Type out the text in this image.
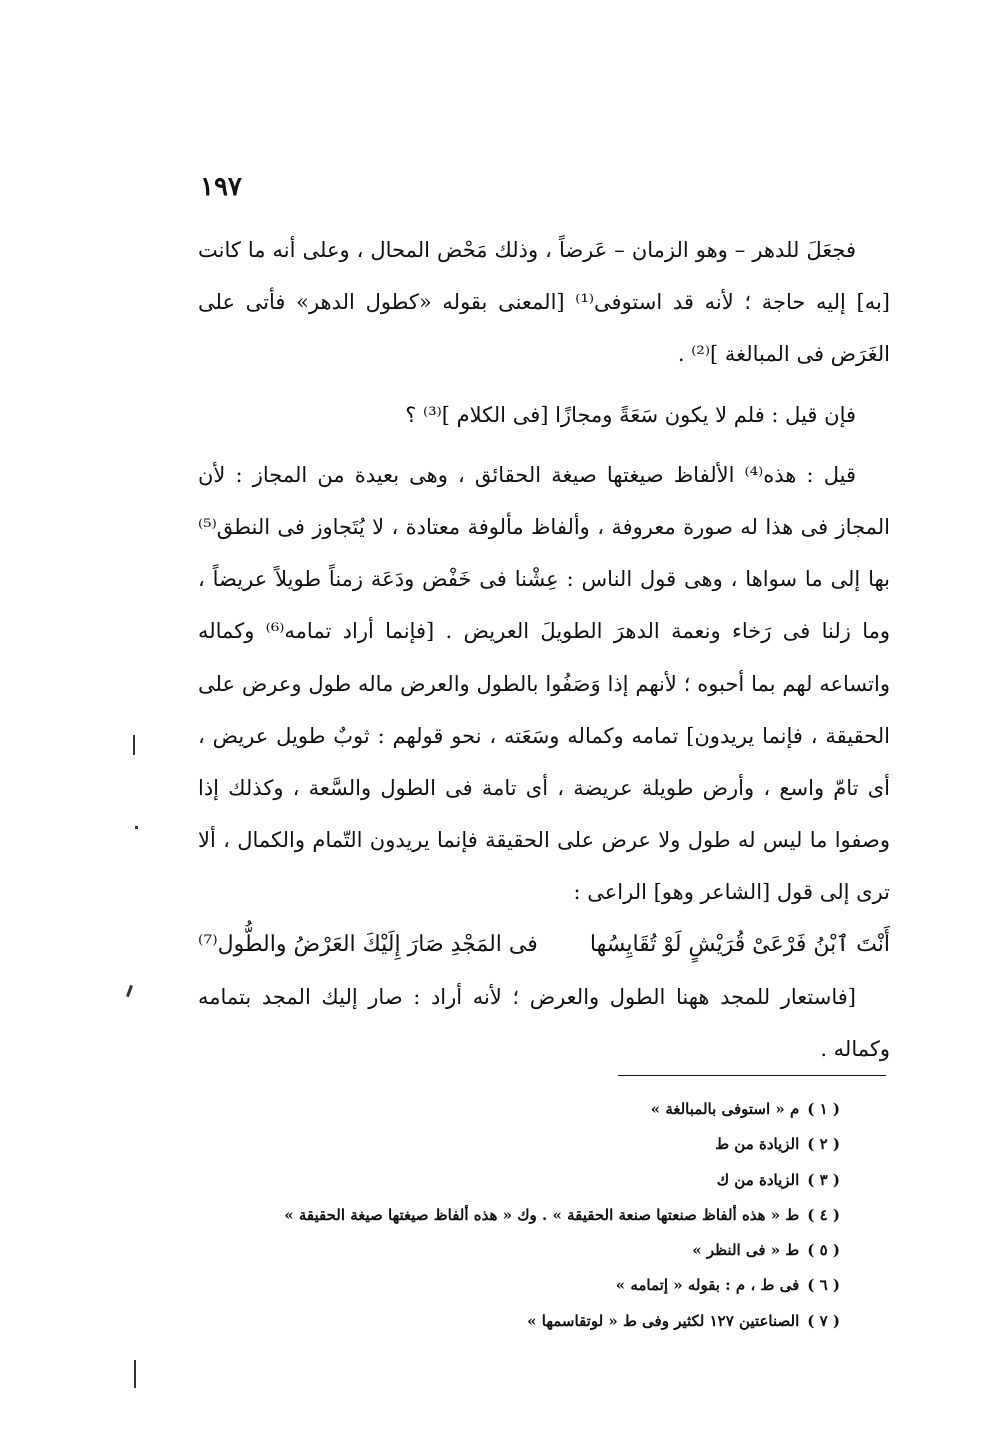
١٩٧

فجعَلَ للدهر – وهو الزمان – عَرضاً ، وذلك مَحْض المحال ، وعلى أنه ما كانت [به] إليه حاجة ؛ لأنه قد استوفى⁽¹⁾ [المعنى بقوله «كطول الدهر» فأتى على الغَرَض فى المبالغة ]⁽²⁾ .

فإن قيل : فلم لا يكون سَعَةً ومجازًا [فى الكلام ]⁽³⁾ ؟

قيل : هذه⁽⁴⁾ الألفاظ صيغتها صيغة الحقائق ، وهى بعيدة من المجاز : لأن المجاز فى هذا له صورة معروفة ، وألفاظ مألوفة معتادة ، لا يُتَجاوز فى النطق⁽⁵⁾ بها إلى ما سواها ، وهى قول الناس : عِشْنا فى خَفْض ودَعَة زمناً طويلاً عريضاً ، وما زلنا فى رَخاء ونعمة الدهرَ الطويلَ العريض . [فإنما أراد تمامه⁽⁶⁾ وكماله واتساعه لهم بما أحبوه ؛ لأنهم إذا وَصَفُوا بالطول والعرض ماله طول وعرض على الحقيقة ، فإنما يريدون] تمامه وكماله وسَعَته ، نحو قولهم : ثوبٌ طويل عريض ، أى تامّ واسع ، وأرض طويلة عريضة ، أى تامة فى الطول والسَّعة ، وكذلك إذا وصفوا ما ليس له طول ولا عرض على الحقيقة فإنما يريدون التّمام والكمال ، ألا ترى إلى قول [الشاعر وهو] الراعى :

أَنْتَ ٱبْنُ فَرْعَىْ قُرَيْشٍ لَوْ تُقَايِسُها
فى المَجْدِ صَارَ إِلَيْكَ العَرْضُ والطُّول⁽⁷⁾

[فاستعار للمجد ههنا الطول والعرض ؛ لأنه أراد : صار إليك المجد بتمامه وكماله .

( ١ )م « استوفى بالمبالغة »
( ٢ )الزيادة من ط
( ٣ )الزيادة من ك
( ٤ )ط « هذه ألفاظ صنعتها صنعة الحقيقة » . وك « هذه ألفاظ صيغتها صيغة الحقيقة »
( ٥ )ط « فى النظر »
( ٦ )فى ط ، م : بقوله « إتمامه »
( ٧ )الصناعتين ١٢٧ لكثير وفى ط « لوتقاسمها »
